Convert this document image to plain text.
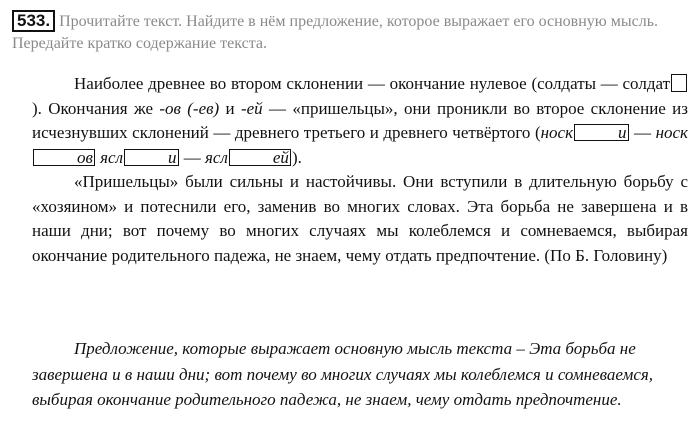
533. Прочитайте текст. Найдите в нём предложение, которое выражает его основную мысль. Передайте кратко содержание текста.

Наиболее древнее во втором склонении — окончание нулевое (солдаты — солдат). Окончания же -ов (-ев) и -ей — «пришельцы», они проникли во второе склонение из исчезнувших склонений — древнего третьего и древнего четвёртого (носк	и — носков ясл	и — ясл	ей ).

«Пришельцы» были сильны и настойчивы. Они вступили в длительную борьбу с «хозяином» и потеснили его, заменив во многих словах. Эта борьба не завершена и в наши дни; вот почему во многих случаях мы колеблемся и сомневаемся, выбирая окончание родительного падежа, не знаем, чему отдать предпочтение. (По Б. Головину)

Предложение, которые выражает основную мысль текста – Эта борьба не завершена и в наши дни; вот почему во многих случаях мы колеблемся и сомневаемся, выбирая окончание родительного падежа, не знаем, чему отдать предпочтение.
